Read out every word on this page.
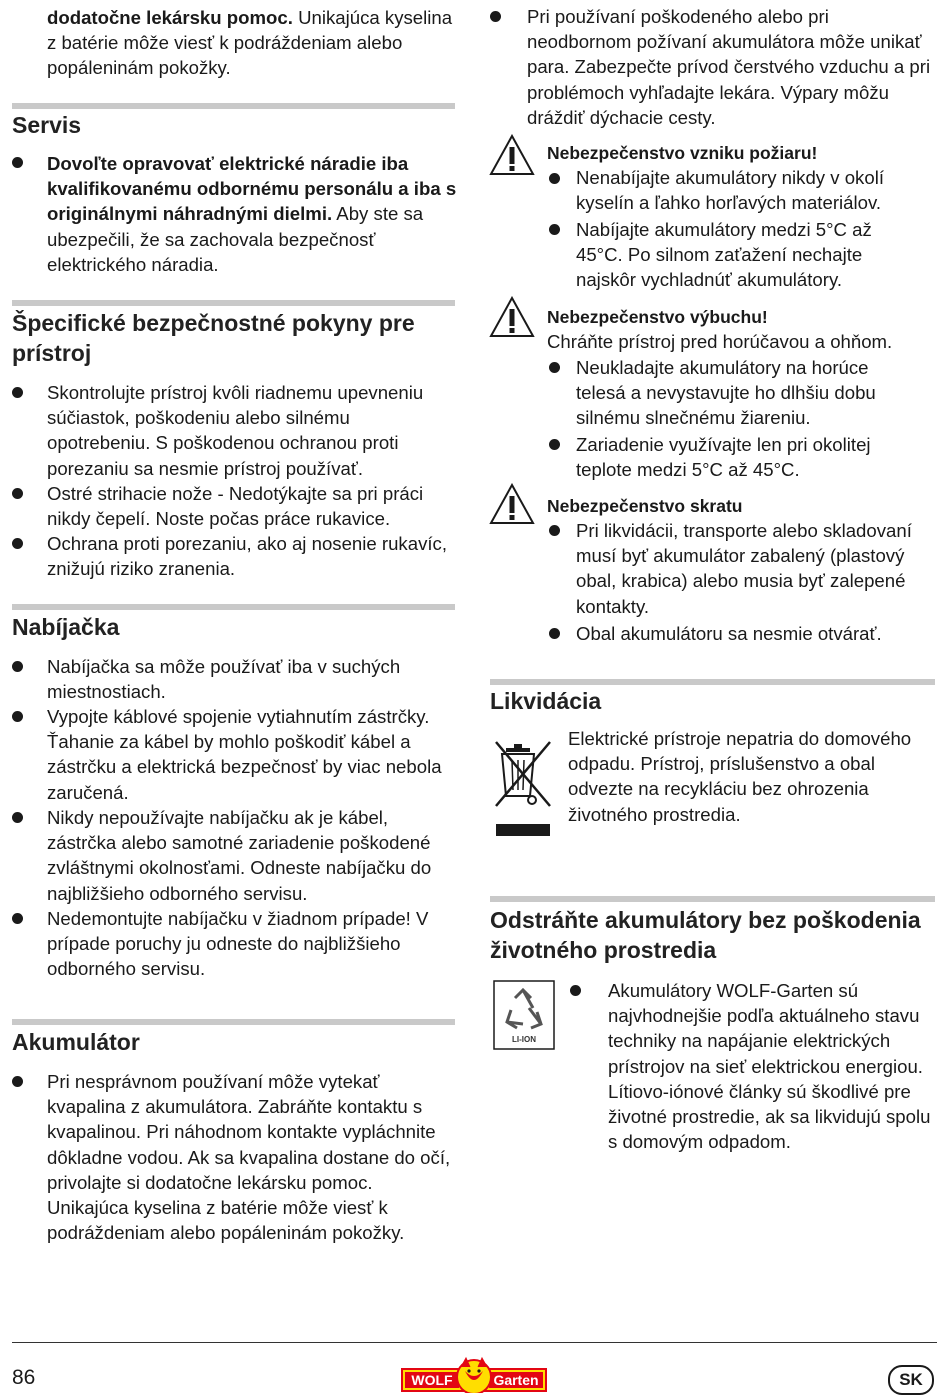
dodatočne lekársku pomoc. Unikajúca kyselina z batérie môže viesť k podráždeniam alebo popáleninám pokožky.

Servis

Dovoľte opravovať elektrické náradie iba kvalifikovanému odbornému personálu a iba s originálnymi náhradnými dielmi. Aby ste sa ubezpečili, že sa zachovala bezpečnosť elektrického náradia.

Špecifické bezpečnostné pokyny pre prístroj

Skontrolujte prístroj kvôli riadnemu upevneniu súčiastok, poškodeniu alebo silnému opotrebeniu. S poškodenou ochranou proti porezaniu sa nesmie prístroj používať.

Ostré strihacie nože - Nedotýkajte sa pri práci nikdy čepelí. Noste počas práce rukavice.

Ochrana proti porezaniu, ako aj nosenie rukavíc, znižujú riziko zranenia.

Nabíjačka

Nabíjačka sa môže používať iba v suchých miestnostiach.

Vypojte káblové spojenie vytiahnutím zástrčky. Ťahanie za kábel by mohlo poškodiť kábel a zástrčku a elektrická bezpečnosť by viac nebola zaručená.

Nikdy nepoužívajte nabíjačku ak je kábel, zástrčka alebo samotné zariadenie poškodené zvláštnymi okolnosťami. Odneste nabíjačku do najbližšieho odborného servisu.

Nedemontujte nabíjačku v žiadnom prípade! V prípade poruchy ju odneste do najbližšieho odborného servisu.

Akumulátor

Pri nesprávnom používaní môže vytekať kvapalina z akumulátora. Zabráňte kontaktu s kvapalinou. Pri náhodnom kontakte vypláchnite dôkladne vodou. Ak sa kvapalina dostane do očí, privolajte si dodatočne lekársku pomoc. Unikajúca kyselina z batérie môže viesť k podráždeniam alebo popáleninám pokožky.

Pri používaní poškodeného alebo pri neodbornom požívaní akumulátora môže unikať para. Zabezpečte prívod čerstvého vzduchu a pri problémoch vyhľadajte lekára. Výpary môžu dráždiť dýchacie cesty.

Nebezpečenstvo vzniku požiaru!

Nenabíjajte akumulátory nikdy v okolí kyselín a ľahko horľavých materiálov.

Nabíjajte akumulátory medzi 5°C až 45°C. Po silnom zaťažení nechajte najskôr vychladnúť akumulátory.

Nebezpečenstvo výbuchu!

Chráňte prístroj pred horúčavou a ohňom.

Neukladajte akumulátory na horúce telesá a nevystavujte ho dlhšiu dobu silnému slnečnému žiareniu.

Zariadenie využívajte len pri okolitej teplote medzi 5°C až 45°C.

Nebezpečenstvo skratu

Pri likvidácii, transporte alebo skladovaní musí byť akumulátor zabalený (plastový obal, krabica) alebo musia byť zalepené kontakty.

Obal akumulátoru sa nesmie otvárať.

Likvidácia

Elektrické prístroje nepatria do domového odpadu. Prístroj, príslušenstvo a obal odvezte na recykláciu bez ohrozenia životného prostredia.

Odstráňte akumulátory bez poškodenia životného prostredia
LI-ION

Akumulátory WOLF-Garten sú najvhodnejšie podľa aktuálneho stavu techniky na napájanie elektrických prístrojov na sieť elektrickou energiou. Lítiovo-iónové články sú škodlivé pre životné prostredie, ak sa likvidujú spolu s domovým odpadom.

86	WOLF	Garten	SK
